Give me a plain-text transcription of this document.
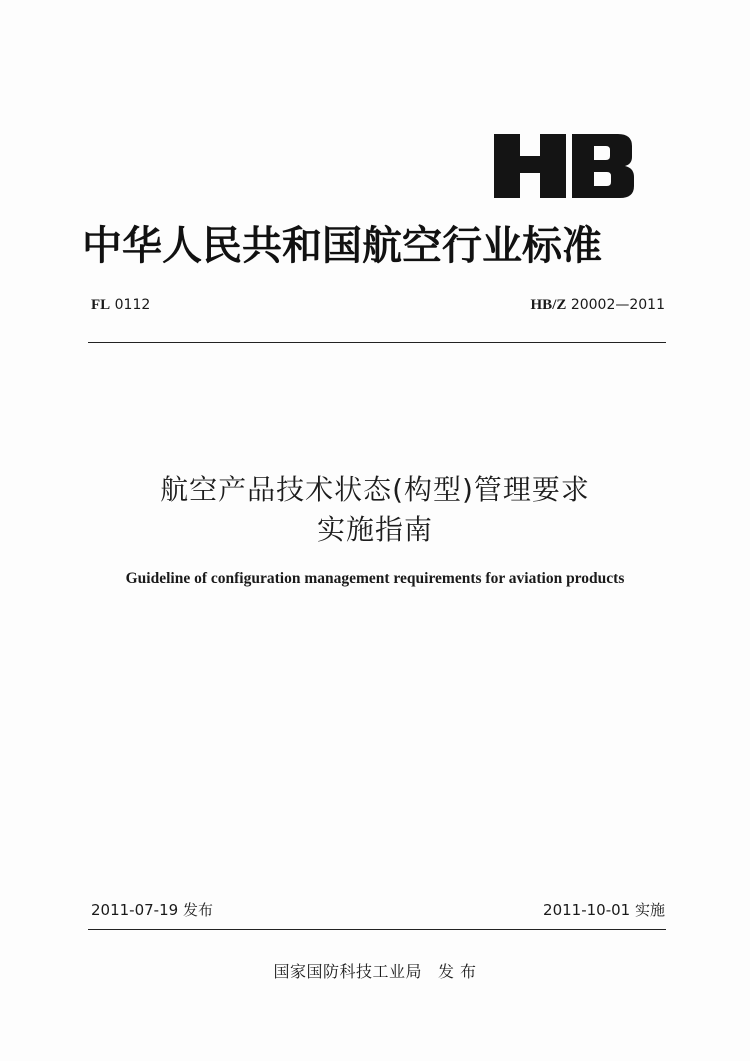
中华人民共和国航空行业标准
FL 0112	HB/Z 20002—2011
航空产品技术状态(构型)管理要求
实施指南
Guideline of configuration management requirements for aviation products
2011-07-19 发布	2011-10-01 实施
国家国防科技工业局 发 布
